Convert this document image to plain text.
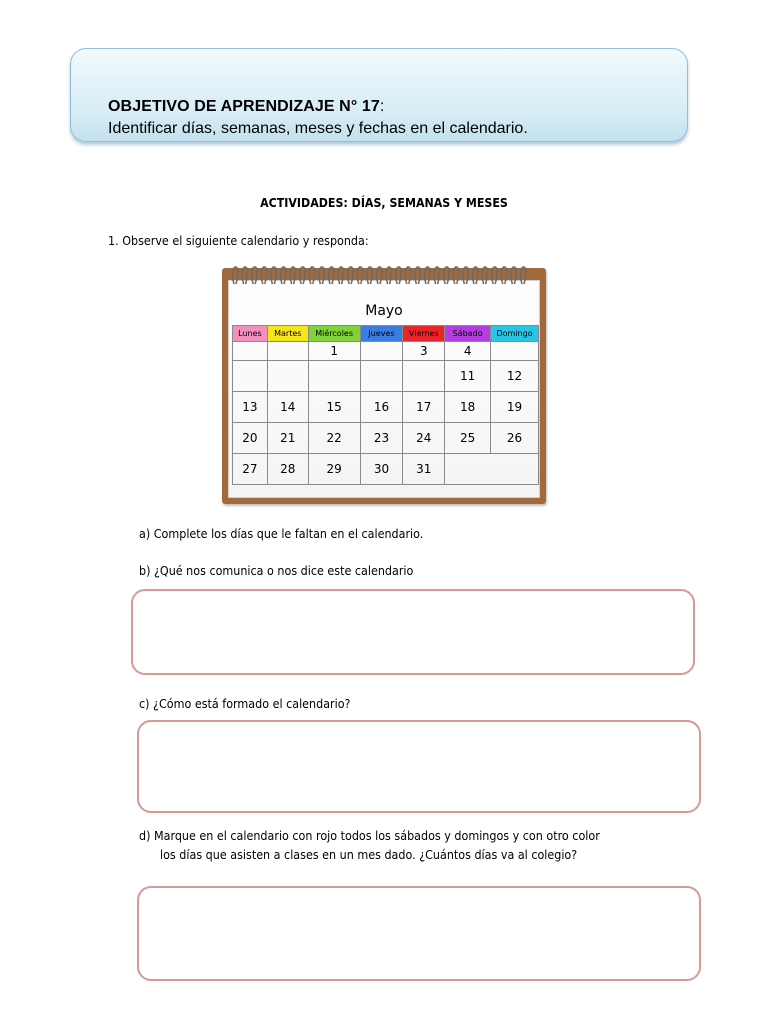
OBJETIVO DE APRENDIZAJE N° 17:
Identificar días, semanas, meses y fechas en el calendario.
ACTIVIDADES: DÍAS, SEMANAS Y MESES
1. Observe el siguiente calendario y responda:
Mayo
Lunes	Martes	Miércoles	Jueves	Viernes	Sábado	Domingo
		1		3	4	
					11	12
13	14	15	16	17	18	19
20	21	22	23	24	25	26
27	28	29	30	31		
a) Complete los días que le faltan en el calendario.
b) ¿Qué nos comunica o nos dice este calendario
c) ¿Cómo está formado el calendario?
d) Marque en el calendario con rojo todos los sábados y domingos y con otro color
los días que asisten a clases en un mes dado. ¿Cuántos días va al colegio?
